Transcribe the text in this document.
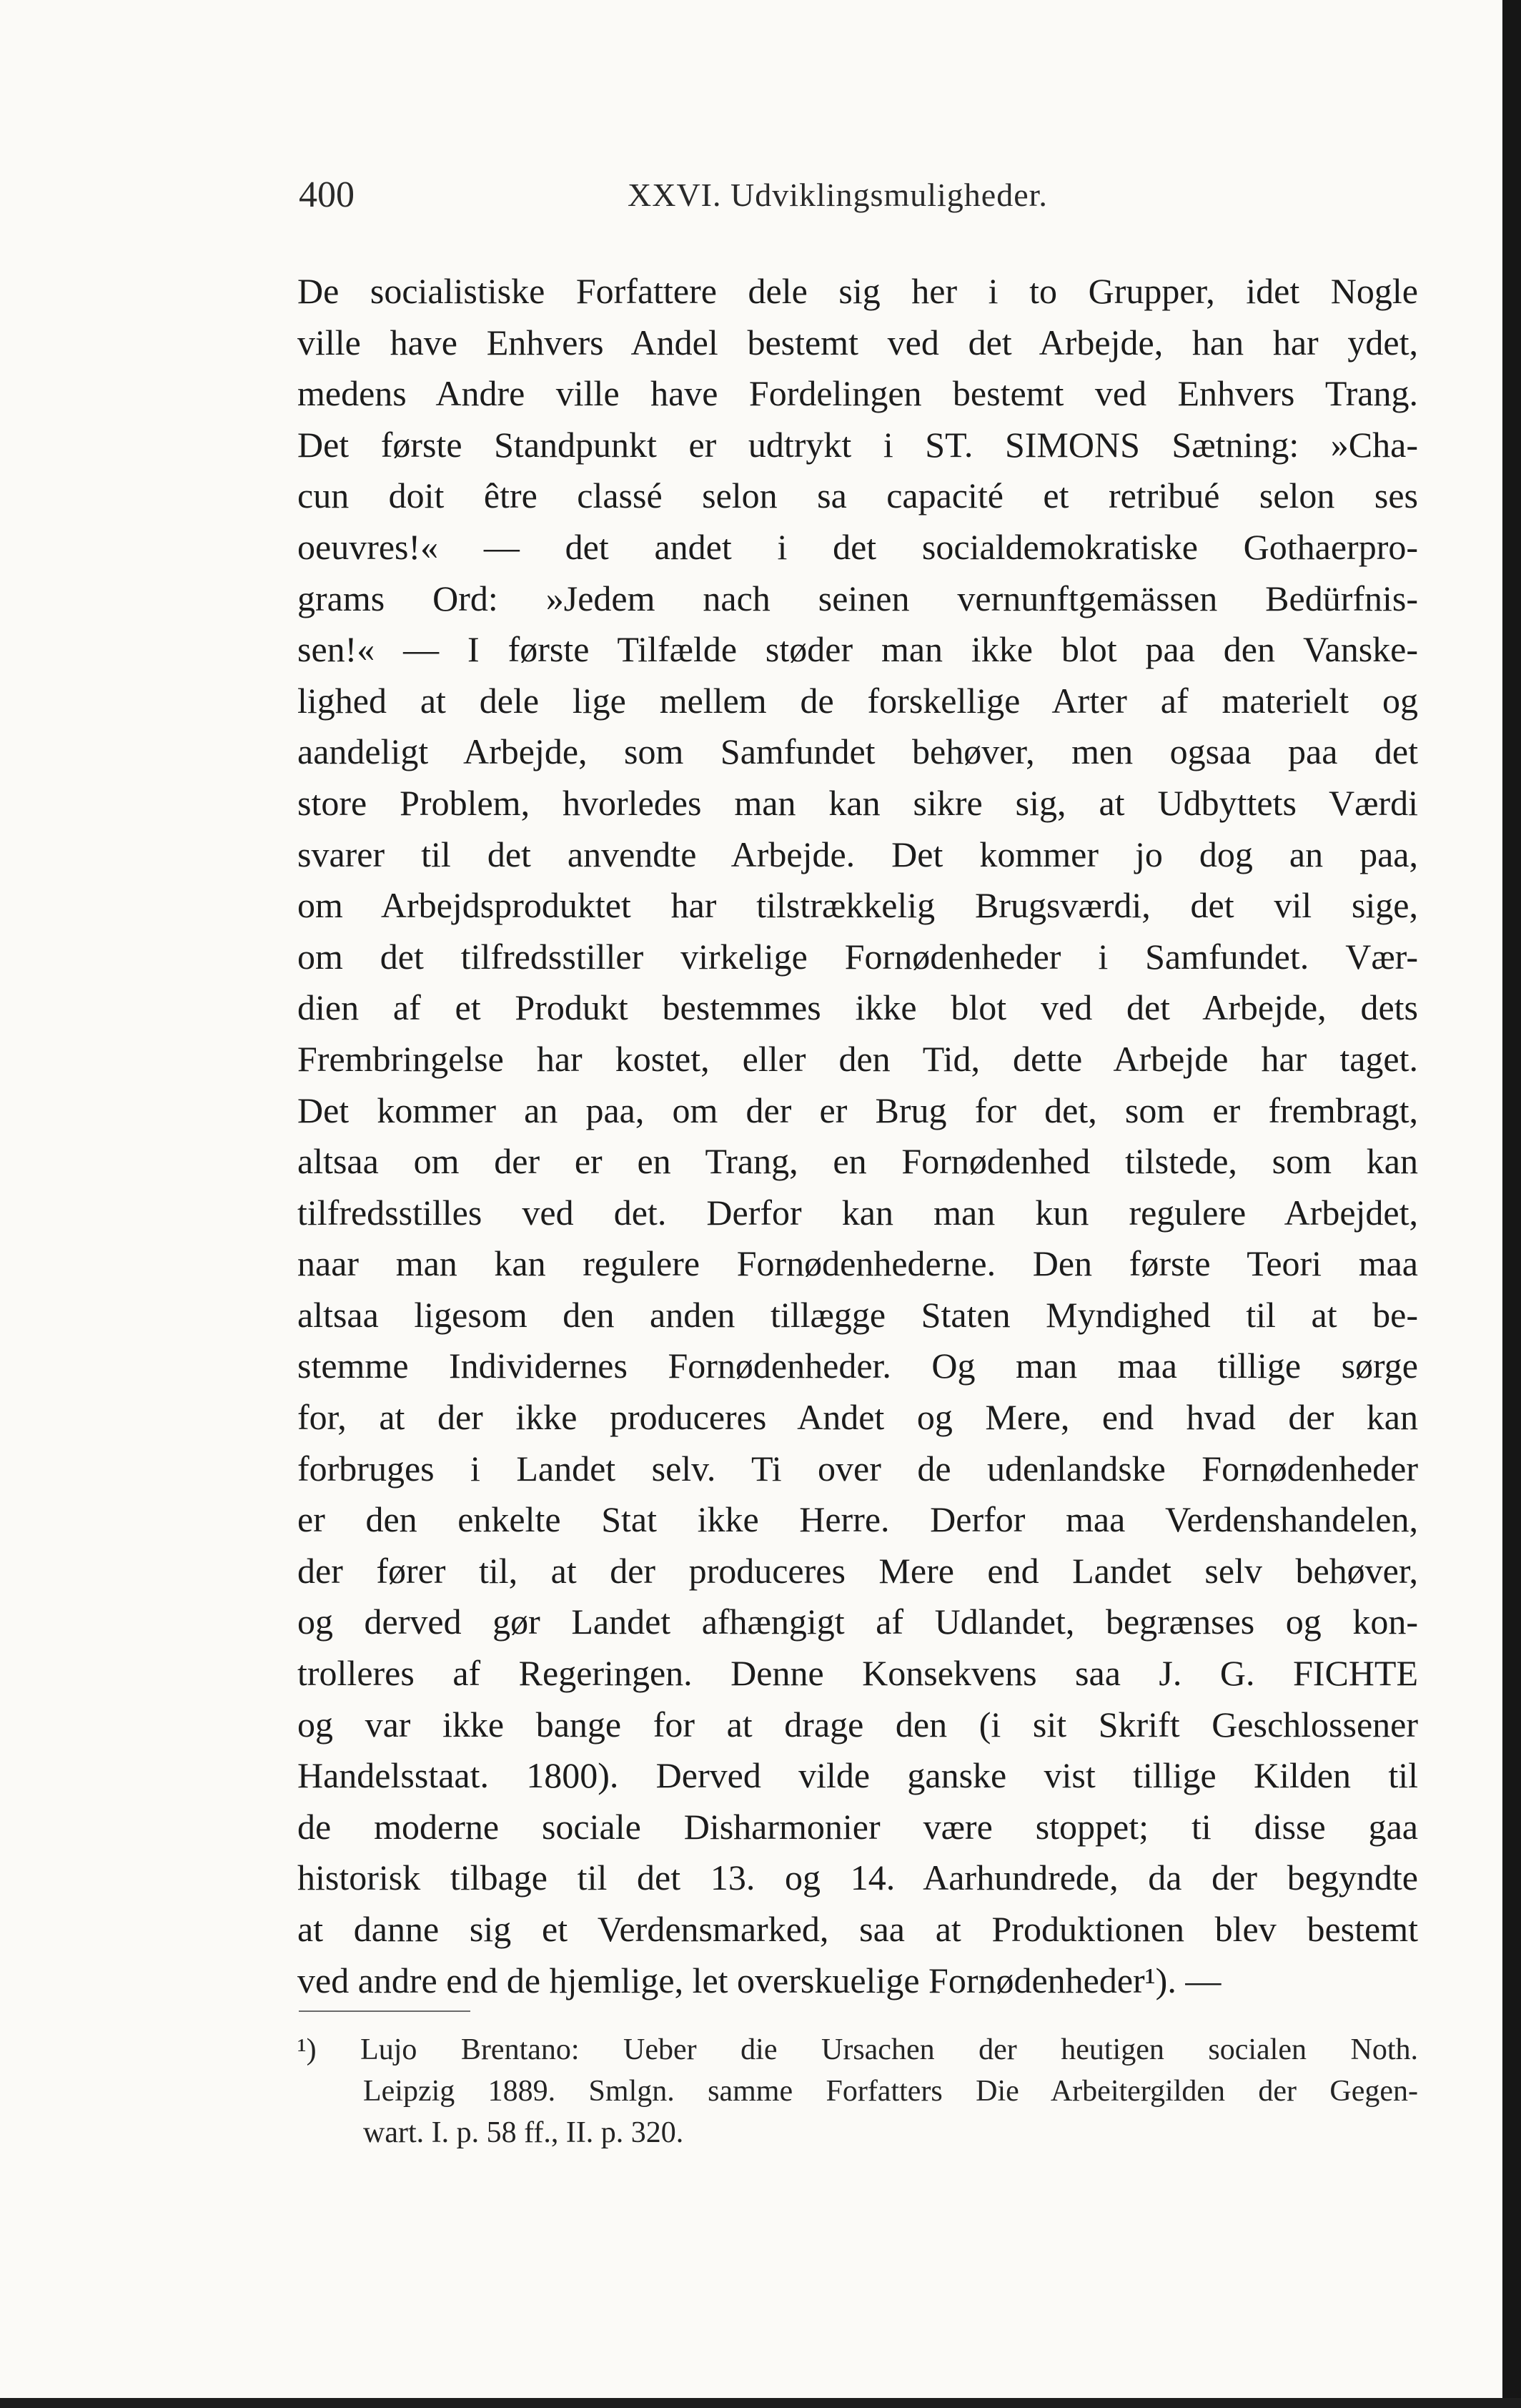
400	XXVI. Udviklingsmuligheder.
De socialistiske Forfattere dele sig her i to Grupper, idet Nogle
ville have Enhvers Andel bestemt ved det Arbejde, han har ydet,
medens Andre ville have Fordelingen bestemt ved Enhvers Trang.
Det første Standpunkt er udtrykt i ST. SIMONS Sætning: »Cha-
cun doit être classé selon sa capacité et retribué selon ses
oeuvres!« — det andet i det socialdemokratiske Gothaerpro-
grams Ord: »Jedem nach seinen vernunftgemässen Bedürfnis-
sen!« — I første Tilfælde støder man ikke blot paa den Vanske-
lighed at dele lige mellem de forskellige Arter af materielt og
aandeligt Arbejde, som Samfundet behøver, men ogsaa paa det
store Problem, hvorledes man kan sikre sig, at Udbyttets Værdi
svarer til det anvendte Arbejde. Det kommer jo dog an paa,
om Arbejdsproduktet har tilstrækkelig Brugsværdi, det vil sige,
om det tilfredsstiller virkelige Fornødenheder i Samfundet. Vær-
dien af et Produkt bestemmes ikke blot ved det Arbejde, dets
Frembringelse har kostet, eller den Tid, dette Arbejde har taget.
Det kommer an paa, om der er Brug for det, som er frembragt,
altsaa om der er en Trang, en Fornødenhed tilstede, som kan
tilfredsstilles ved det. Derfor kan man kun regulere Arbejdet,
naar man kan regulere Fornødenhederne. Den første Teori maa
altsaa ligesom den anden tillægge Staten Myndighed til at be-
stemme Individernes Fornødenheder. Og man maa tillige sørge
for, at der ikke produceres Andet og Mere, end hvad der kan
forbruges i Landet selv. Ti over de udenlandske Fornødenheder
er den enkelte Stat ikke Herre. Derfor maa Verdenshandelen,
der fører til, at der produceres Mere end Landet selv behøver,
og derved gør Landet afhængigt af Udlandet, begrænses og kon-
trolleres af Regeringen. Denne Konsekvens saa J. G. FICHTE
og var ikke bange for at drage den (i sit Skrift Geschlossener
Handelsstaat. 1800). Derved vilde ganske vist tillige Kilden til
de moderne sociale Disharmonier være stoppet; ti disse gaa
historisk tilbage til det 13. og 14. Aarhundrede, da der begyndte
at danne sig et Verdensmarked, saa at Produktionen blev bestemt
ved andre end de hjemlige, let overskuelige Fornødenheder¹). —
¹) Lujo Brentano: Ueber die Ursachen der heutigen socialen Noth.
Leipzig 1889. Smlgn. samme Forfatters Die Arbeitergilden der Gegen-
wart. I. p. 58 ff., II. p. 320.
